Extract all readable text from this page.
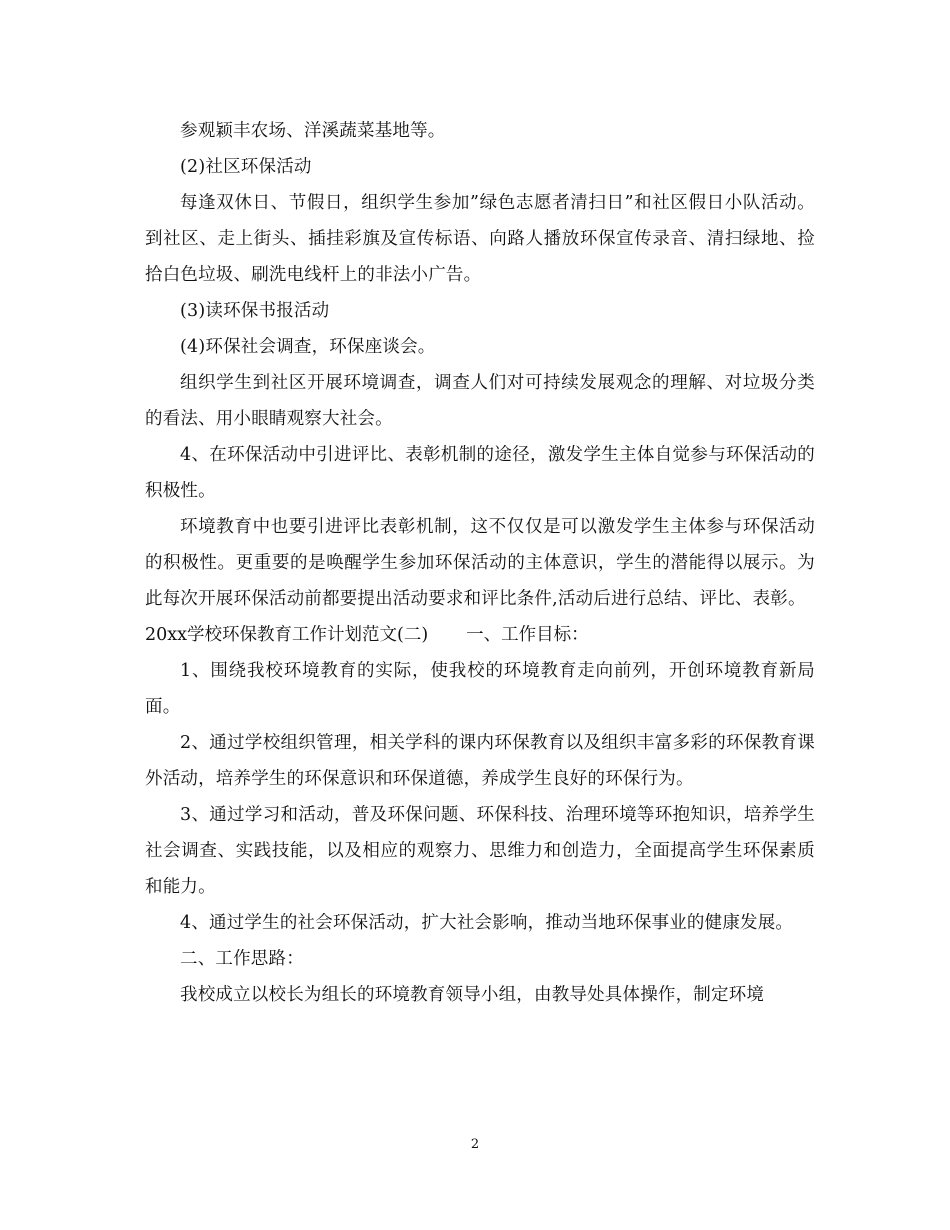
参观颖丰农场、洋溪蔬菜基地等。

(2)社区环保活动

每逢双休日、节假日，组织学生参加”绿色志愿者清扫日”和社区假日小队活动。到社区、走上街头、插挂彩旗及宣传标语、向路人播放环保宣传录音、清扫绿地、捡拾白色垃圾、刷洗电线杆上的非法小广告。

(3)读环保书报活动

(4)环保社会调查，环保座谈会。

组织学生到社区开展环境调查，调查人们对可持续发展观念的理解、对垃圾分类的看法、用小眼睛观察大社会。

4、在环保活动中引进评比、表彰机制的途径，激发学生主体自觉参与环保活动的积极性。

环境教育中也要引进评比表彰机制，这不仅仅是可以激发学生主体参与环保活动的积极性。更重要的是唤醒学生参加环保活动的主体意识，学生的潜能得以展示。为此每次开展环保活动前都要提出活动要求和评比条件,活动后进行总结、评比、表彰。

20xx学校环保教育工作计划范文(二) 一、工作目标：

1、围绕我校环境教育的实际，使我校的环境教育走向前列，开创环境教育新局面。

2、通过学校组织管理，相关学科的课内环保教育以及组织丰富多彩的环保教育课外活动，培养学生的环保意识和环保道德，养成学生良好的环保行为。

3、通过学习和活动，普及环保问题、环保科技、治理环境等环抱知识，培养学生社会调查、实践技能，以及相应的观察力、思维力和创造力，全面提高学生环保素质和能力。

4、通过学生的社会环保活动，扩大社会影响，推动当地环保事业的健康发展。

二、工作思路：

我校成立以校长为组长的环境教育领导小组，由教导处具体操作，制定环境

2
